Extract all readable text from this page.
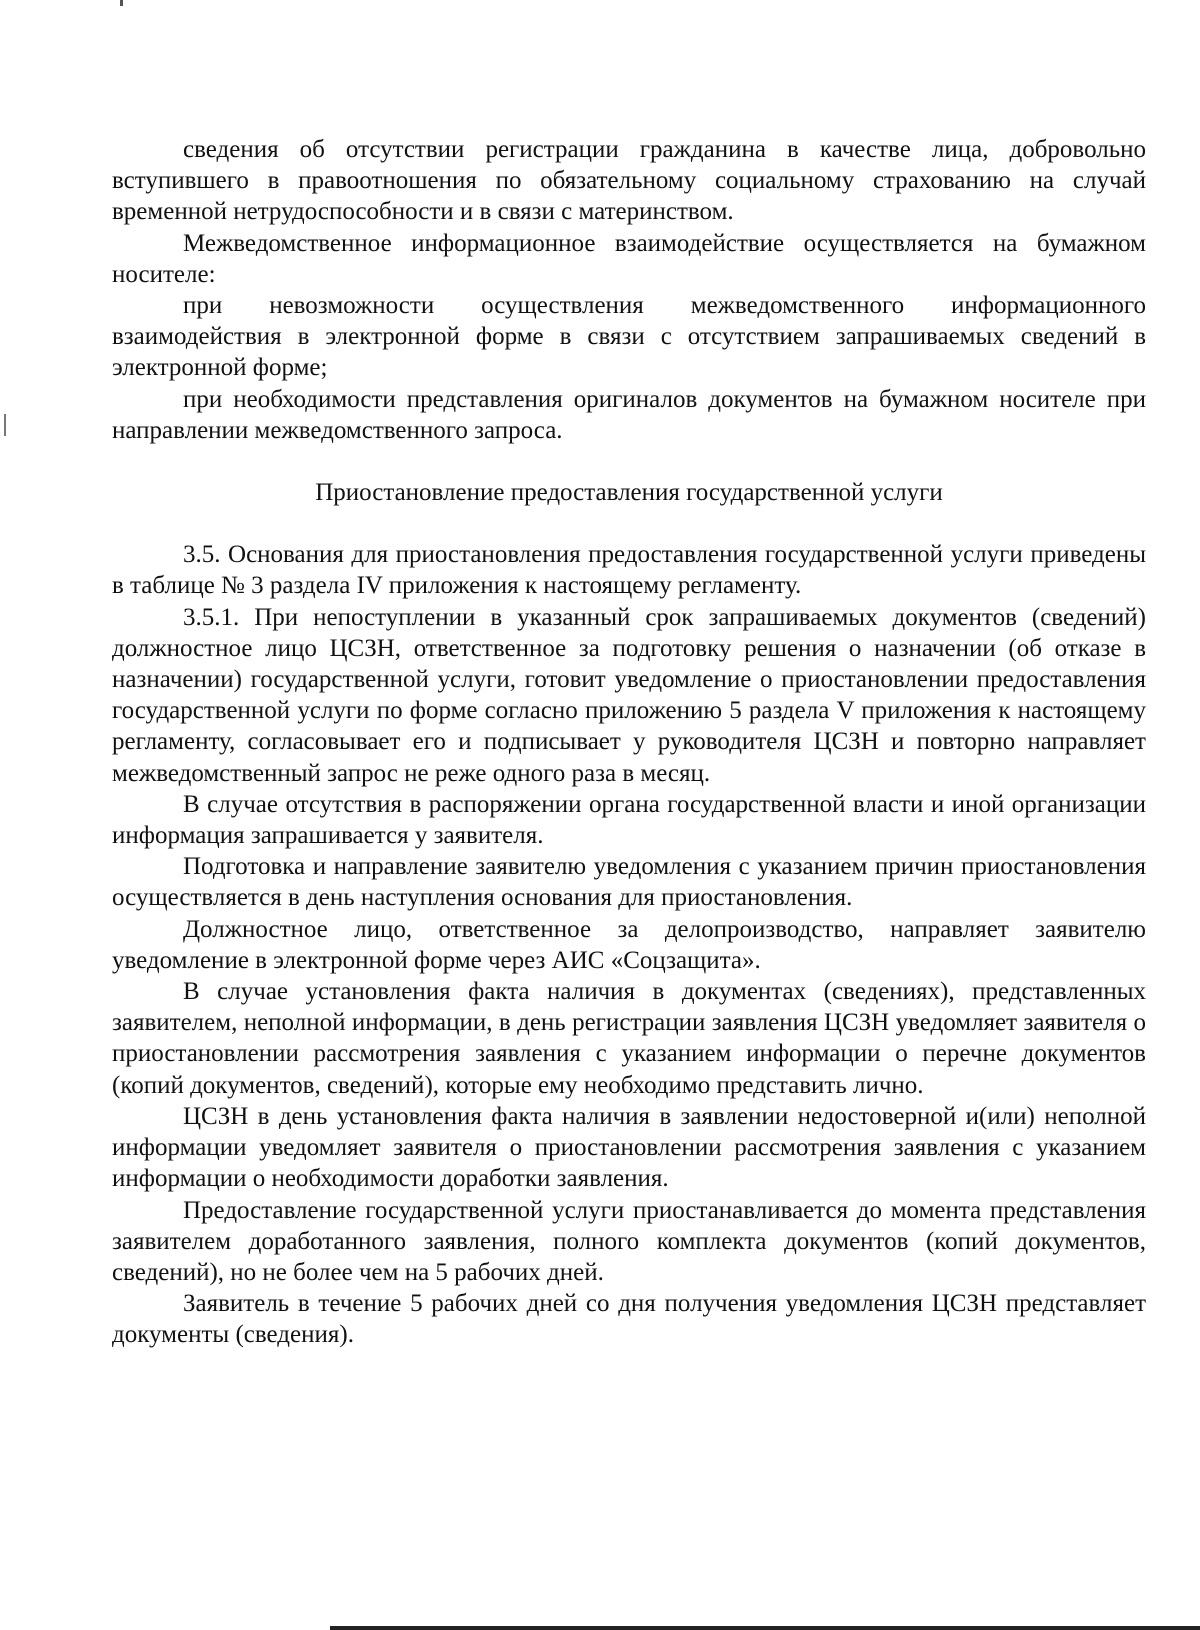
сведения об отсутствии регистрации гражданина в качестве лица, добровольно вступившего в правоотношения по обязательному социальному страхованию на случай временной нетрудоспособности и в связи с материнством.

Межведомственное информационное взаимодействие осуществляется на бумажном носителе:

при невозможности осуществления межведомственного информационного взаимодействия в электронной форме в связи с отсутствием запрашиваемых сведений в электронной форме;

при необходимости представления оригиналов документов на бумажном носителе при направлении межведомственного запроса.

Приостановление предоставления государственной услуги

3.5. Основания для приостановления предоставления государственной услуги приведены в таблице № 3 раздела IV приложения к настоящему регламенту.

3.5.1. При непоступлении в указанный срок запрашиваемых документов (сведений) должностное лицо ЦСЗН, ответственное за подготовку решения о назначении (об отказе в назначении) государственной услуги, готовит уведомление о приостановлении предоставления государственной услуги по форме согласно приложению 5 раздела V приложения к настоящему регламенту, согласовывает его и подписывает у руководителя ЦСЗН и повторно направляет межведомственный запрос не реже одного раза в месяц.

В случае отсутствия в распоряжении органа государственной власти и иной организации информация запрашивается у заявителя.

Подготовка и направление заявителю уведомления с указанием причин приостановления осуществляется в день наступления основания для приостановления.

Должностное лицо, ответственное за делопроизводство, направляет заявителю уведомление в электронной форме через АИС «Соцзащита».

В случае установления факта наличия в документах (сведениях), представленных заявителем, неполной информации, в день регистрации заявления ЦСЗН уведомляет заявителя о приостановлении рассмотрения заявления с указанием информации о перечне документов (копий документов, сведений), которые ему необходимо представить лично.

ЦСЗН в день установления факта наличия в заявлении недостоверной и(или) неполной информации уведомляет заявителя о приостановлении рассмотрения заявления с указанием информации о необходимости доработки заявления.

Предоставление государственной услуги приостанавливается до момента представления заявителем доработанного заявления, полного комплекта документов (копий документов, сведений), но не более чем на 5 рабочих дней.

Заявитель в течение 5 рабочих дней со дня получения уведомления ЦСЗН представляет документы (сведения).
